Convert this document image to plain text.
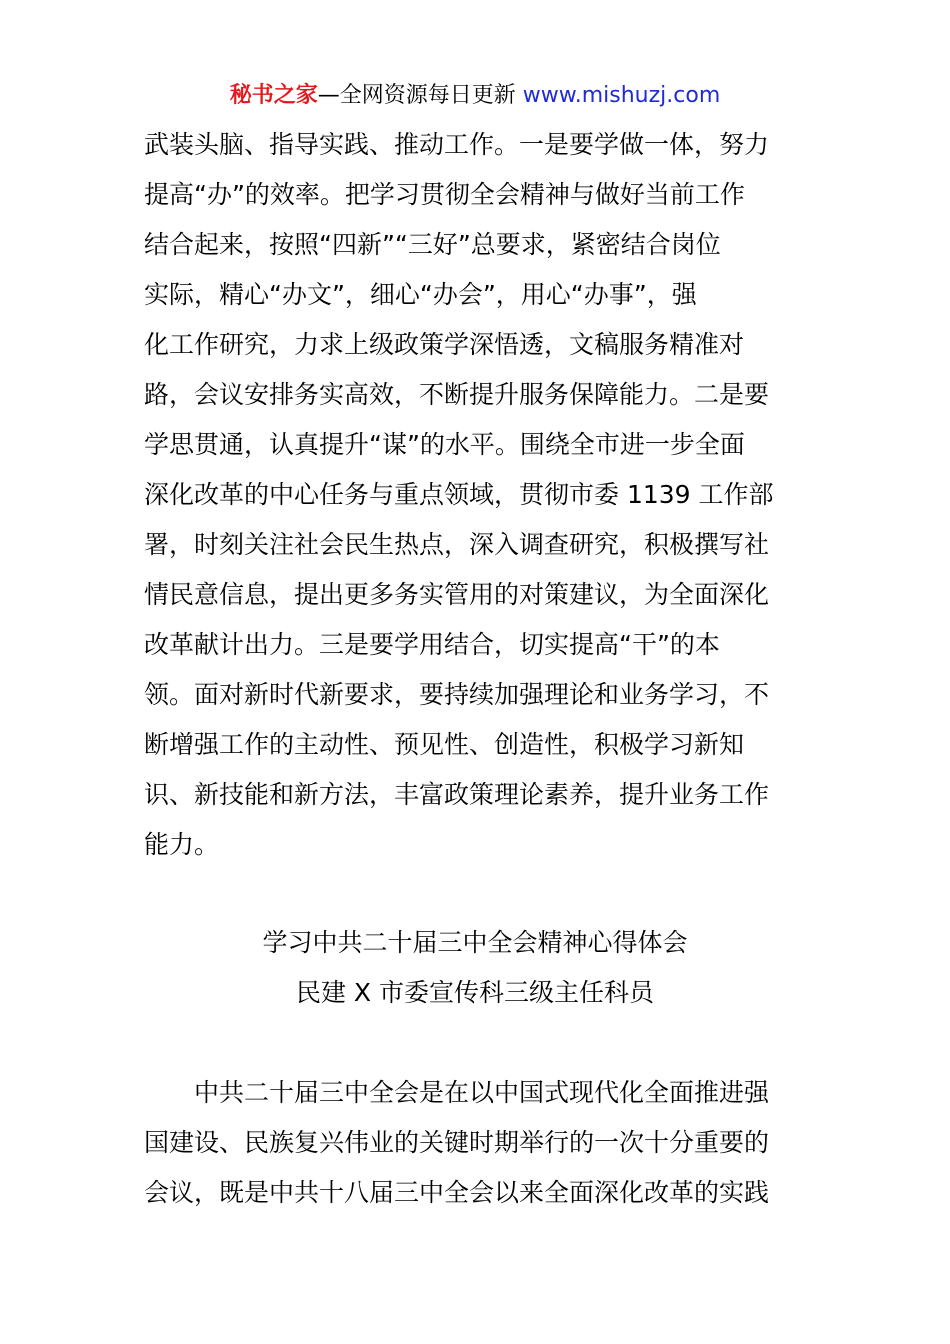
秘书之家—全网资源每日更新 www.mishuzj.com
武装头脑、指导实践、推动工作。一是要学做一体，努力
提高“办”的效率。把学习贯彻全会精神与做好当前工作
结合起来，按照“四新”“三好”总要求，紧密结合岗位
实际，精心“办文”，细心“办会”，用心“办事”，强
化工作研究，力求上级政策学深悟透，文稿服务精准对
路，会议安排务实高效，不断提升服务保障能力。二是要
学思贯通，认真提升“谋”的水平。围绕全市进一步全面
深化改革的中心任务与重点领域，贯彻市委 1139 工作部
署，时刻关注社会民生热点，深入调查研究，积极撰写社
情民意信息，提出更多务实管用的对策建议，为全面深化
改革献计出力。三是要学用结合，切实提高“干”的本
领。面对新时代新要求，要持续加强理论和业务学习，不
断增强工作的主动性、预见性、创造性，积极学习新知
识、新技能和新方法，丰富政策理论素养，提升业务工作
能力。
学习中共二十届三中全会精神心得体会
民建 X 市委宣传科三级主任科员
中共二十届三中全会是在以中国式现代化全面推进强
国建设、民族复兴伟业的关键时期举行的一次十分重要的
会议，既是中共十八届三中全会以来全面深化改革的实践
